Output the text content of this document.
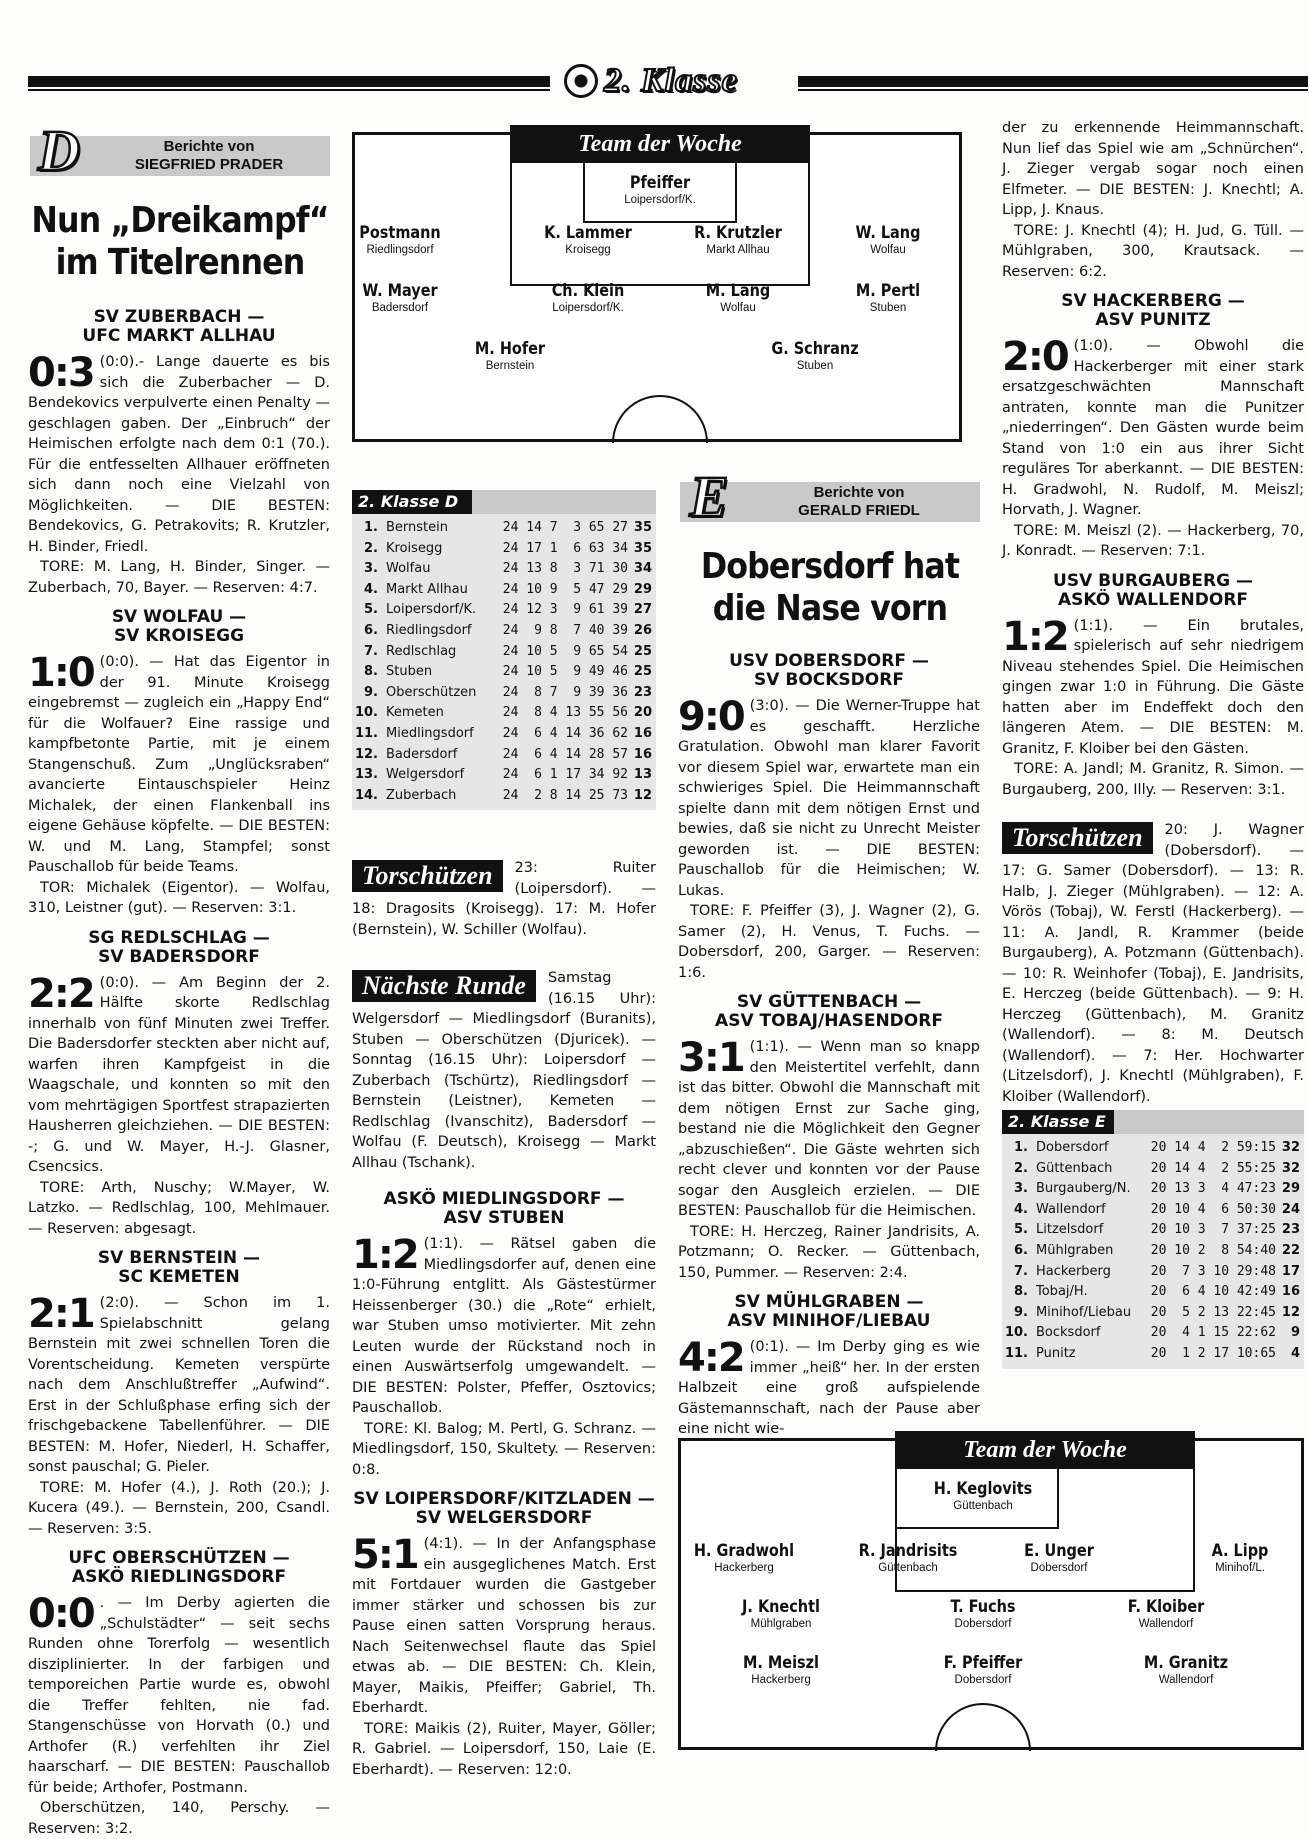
2. Klasse
D	Berichte von
SIEGFRIED PRADER
Nun „Dreikampf“
im Titelrennen
SV ZUBERBACH —
UFC MARKT ALLHAU

0:3 (0:0).- Lange dauerte es bis sich die Zuberbacher — D. Bendekovics verpulverte einen Penalty — geschlagen gaben. Der „Einbruch“ der Heimischen erfolgte nach dem 0:1 (70.). Für die entfesselten Allhauer eröffneten sich dann noch eine Vielzahl von Möglichkeiten. — DIE BESTEN: Bendekovics, G. Petrakovits; R. Krutzler, H. Binder, Friedl.

TORE: M. Lang, H. Binder, Singer. — Zuberbach, 70, Bayer. — Reserven: 4:7.

SV WOLFAU —
SV KROISEGG

1:0 (0:0). — Hat das Eigentor in der 91. Minute Kroisegg eingebremst — zugleich ein „Happy End“ für die Wolfauer? Eine rassige und kampfbetonte Partie, mit je einem Stangenschuß. Zum „Unglücksraben“ avancierte Eintauschspieler Heinz Michalek, der einen Flankenball ins eigene Gehäuse köpfelte. — DIE BESTEN: W. und M. Lang, Stampfel; sonst Pauschallob für beide Teams.

TOR: Michalek (Eigentor). — Wolfau, 310, Leistner (gut). — Reserven: 3:1.

SG REDLSCHLAG —
SV BADERSDORF

2:2 (0:0). — Am Beginn der 2. Hälfte skorte Redlschlag innerhalb von fünf Minuten zwei Treffer. Die Badersdorfer steckten aber nicht auf, warfen ihren Kampfgeist in die Waagschale, und konnten so mit den vom mehrtägigen Sportfest strapazierten Hausherren gleichziehen. — DIE BESTEN: -; G. und W. Mayer, H.-J. Glasner, Csencsics.

TORE: Arth, Nuschy; W.Mayer, W. Latzko. — Redlschlag, 100, Mehlmauer. — Reserven: abgesagt.

SV BERNSTEIN —
SC KEMETEN

2:1 (2:0). — Schon im 1. Spielabschnitt gelang Bernstein mit zwei schnellen Toren die Vorentscheidung. Kemeten verspürte nach dem Anschlußtreffer „Aufwind“. Erst in der Schlußphase erfing sich der frischgebackene Tabellenführer. — DIE BESTEN: M. Hofer, Niederl, H. Schaffer, sonst pauschal; G. Pieler.

TORE: M. Hofer (4.), J. Roth (20.); J. Kucera (49.). — Bernstein, 200, Csandl. — Reserven: 3:5.

UFC OBERSCHÜTZEN —
ASKÖ RIEDLINGSDORF

0:0 . — Im Derby agierten die „Schulstädter“ — seit sechs Runden ohne Torerfolg — wesentlich disziplinierter. In der farbigen und temporeichen Partie wurde es, obwohl die Treffer fehlten, nie fad. Stangenschüsse von Horvath (0.) und Arthofer (R.) verfehlten ihr Ziel haarscharf. — DIE BESTEN: Pauschallob für beide; Arthofer, Postmann.

Oberschützen, 140, Perschy. — Reserven: 3:2.

Team der Woche
Pfeiffer
Loipersdorf/K.
Postmann
Riedlingsdorf
K. Lammer
Kroisegg
R. Krutzler
Markt Allhau
W. Lang
Wolfau
W. Mayer
Badersdorf
Ch. Klein
Loipersdorf/K.
M. Lang
Wolfau
M. Pertl
Stuben
M. Hofer
Bernstein
G. Schranz
Stuben
2. Klasse D
1. Bernstein	24 14 7  3 65 27 35
2. Kroisegg	24 17 1  6 63 34 35
3. Wolfau	24 13 8  3 71 30 34
4. Markt Allhau	24 10 9  5 47 29 29
5. Loipersdorf/K.	24 12 3  9 61 39 27
6. Riedlingsdorf	24  9 8  7 40 39 26
7. Redlschlag	24 10 5  9 65 54 25
8. Stuben	24 10 5  9 49 46 25
9. Oberschützen	24  8 7  9 39 36 23
10. Kemeten	24  8 4 13 55 56 20
11. Miedlingsdorf	24  6 4 14 36 62 16
12. Badersdorf	24  6 4 14 28 57 16
13. Welgersdorf	24  6 1 17 34 92 13
14. Zuberbach	24  2 8 14 25 73 12
Torschützen	23: Ruiter (Loipersdorf). — 18: Dragosits (Kroisegg). 17: M. Hofer (Bernstein), W. Schiller (Wolfau).
Nächste Runde	Samstag (16.15 Uhr): Welgersdorf — Miedlingsdorf (Buranits), Stuben — Oberschützen (Djuricek). — Sonntag (16.15 Uhr): Loipersdorf — Zuberbach (Tschürtz), Riedlingsdorf — Bernstein (Leistner), Kemeten — Redlschlag (Ivanschitz), Badersdorf — Wolfau (F. Deutsch), Kroisegg — Markt Allhau (Tschank).
ASKÖ MIEDLINGSDORF —
ASV STUBEN

1:2 (1:1). — Rätsel gaben die Miedlingsdorfer auf, denen eine 1:0-Führung entglitt. Als Gästestürmer Heissenberger (30.) die „Rote“ erhielt, war Stuben umso motivierter. Mit zehn Leuten wurde der Rückstand noch in einen Auswärtserfolg umgewandelt. — DIE BESTEN: Polster, Pfeffer, Osztovics; Pauschallob.

TORE: Kl. Balog; M. Pertl, G. Schranz. — Miedlingsdorf, 150, Skultety. — Reserven: 0:8.

SV LOIPERSDORF/KITZLADEN —
SV WELGERSDORF

5:1 (4:1). — In der Anfangsphase ein ausgeglichenes Match. Erst mit Fortdauer wurden die Gastgeber immer stärker und schossen bis zur Pause einen satten Vorsprung heraus. Nach Seitenwechsel flaute das Spiel etwas ab. — DIE BESTEN: Ch. Klein, Mayer, Maikis, Pfeiffer; Gabriel, Th. Eberhardt.

TORE: Maikis (2), Ruiter, Mayer, Göller; R. Gabriel. — Loipersdorf, 150, Laie (E. Eberhardt). — Reserven: 12:0.

E	Berichte von
GERALD FRIEDL
Dobersdorf hat
die Nase vorn
USV DOBERSDORF —
SV BOCKSDORF

9:0 (3:0). — Die Werner-Truppe hat es geschafft. Herzliche Gratulation. Obwohl man klarer Favorit vor diesem Spiel war, erwartete man ein schwieriges Spiel. Die Heimmannschaft spielte dann mit dem nötigen Ernst und bewies, daß sie nicht zu Unrecht Meister geworden ist. — DIE BESTEN: Pauschallob für die Heimischen; W. Lukas.

TORE: F. Pfeiffer (3), J. Wagner (2), G. Samer (2), H. Venus, T. Fuchs. — Dobersdorf, 200, Garger. — Reserven: 1:6.

SV GÜTTENBACH —
ASV TOBAJ/HASENDORF

3:1 (1:1). — Wenn man so knapp den Meistertitel verfehlt, dann ist das bitter. Obwohl die Mannschaft mit dem nötigen Ernst zur Sache ging, bestand nie die Möglichkeit den Gegner „abzuschießen“. Die Gäste wehrten sich recht clever und konnten vor der Pause sogar den Ausgleich erzielen. — DIE BESTEN: Pauschallob für die Heimischen.

TORE: H. Herczeg, Rainer Jandrisits, A. Potzmann; O. Recker. — Güttenbach, 150, Pummer. — Reserven: 2:4.

SV MÜHLGRABEN —
ASV MINIHOF/LIEBAU

4:2 (0:1). — Im Derby ging es wie immer „heiß“ her. In der ersten Halbzeit eine groß aufspielende Gästemannschaft, nach der Pause aber eine nicht wie-

der zu erkennende Heimmannschaft. Nun lief das Spiel wie am „Schnürchen“. J. Zieger vergab sogar noch einen Elfmeter. — DIE BESTEN: J. Knechtl; A. Lipp, J. Knaus.

TORE: J. Knechtl (4); H. Jud, G. Tüll. — Mühlgraben, 300, Krautsack. — Reserven: 6:2.

SV HACKERBERG —
ASV PUNITZ

2:0 (1:0). — Obwohl die Hackerberger mit einer stark ersatzgeschwächten Mannschaft antraten, konnte man die Punitzer „niederringen“. Den Gästen wurde beim Stand von 1:0 ein aus ihrer Sicht reguläres Tor aberkannt. — DIE BESTEN: H. Gradwohl, N. Rudolf, M. Meiszl; Horvath, J. Wagner.

TORE: M. Meiszl (2). — Hackerberg, 70, J. Konradt. — Reserven: 7:1.

USV BURGAUBERG —
ASKÖ WALLENDORF

1:2 (1:1). — Ein brutales, spielerisch auf sehr niedrigem Niveau stehendes Spiel. Die Heimischen gingen zwar 1:0 in Führung. Die Gäste hatten aber im Endeffekt doch den längeren Atem. — DIE BESTEN: M. Granitz, F. Kloiber bei den Gästen.

TORE: A. Jandl; M. Granitz, R. Simon. — Burgauberg, 200, Illy. — Reserven: 3:1.

Torschützen	20: J. Wagner (Dobersdorf). — 17: G. Samer (Dobersdorf). — 13: R. Halb, J. Zieger (Mühlgraben). — 12: A. Vörös (Tobaj), W. Ferstl (Hackerberg). — 11: A. Jandl, R. Krammer (beide Burgauberg), A. Potzmann (Güttenbach). — 10: R. Weinhofer (Tobaj), E. Jandrisits, E. Herczeg (beide Güttenbach). — 9: H. Herczeg (Güttenbach), M. Granitz (Wallendorf). — 8: M. Deutsch (Wallendorf). — 7: Her. Hochwarter (Litzelsdorf), J. Knechtl (Mühlgraben), F. Kloiber (Wallendorf).
2. Klasse E
1. Dobersdorf	20 14 4  2 59:15 32
2. Güttenbach	20 14 4  2 55:25 32
3. Burgauberg/N.	20 13 3  4 47:23 29
4. Wallendorf	20 10 4  6 50:30 24
5. Litzelsdorf	20 10 3  7 37:25 23
6. Mühlgraben	20 10 2  8 54:40 22
7. Hackerberg	20  7 3 10 29:48 17
8. Tobaj/H.	20  6 4 10 42:49 16
9. Minihof/Liebau	20  5 2 13 22:45 12
10. Bocksdorf	20  4 1 15 22:62	9
11. Punitz	20  1 2 17 10:65	4
Team der Woche
H. Keglovits
Güttenbach
H. Gradwohl
Hackerberg
R. Jandrisits
Güttenbach
E. Unger
Dobersdorf
A. Lipp
Minihof/L.
J. Knechtl
Mühlgraben
T. Fuchs
Dobersdorf
F. Kloiber
Wallendorf
M. Meiszl
Hackerberg
F. Pfeiffer
Dobersdorf
M. Granitz
Wallendorf
